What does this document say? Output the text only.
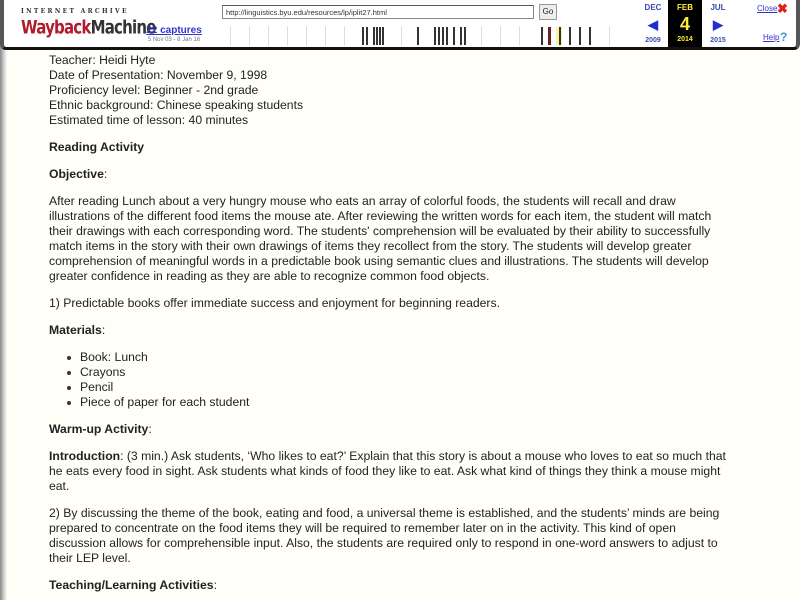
INTERNET ARCHIVE
WaybackMachine
22 captures
5 Nov 03 - 8 Jan 16
http://linguistics.byu.edu/resources/lp/iplit27.html	Go	DEC
◀
2009
FEB
4
2014
JUL
▶
2015
Close ✖
Help ?

Teacher: Heidi Hyte

Date of Presentation: November 9, 1998

Proficiency level: Beginner - 2nd grade

Ethnic background: Chinese speaking students

Estimated time of lesson: 40 minutes

Reading Activity

Objective:

After reading Lunch about a very hungry mouse who eats an array of colorful foods, the students will recall and draw

illustrations of the different food items the mouse ate. After reviewing the written words for each item, the student will match

their drawings with each corresponding word. The students' comprehension will be evaluated by their ability to successfully

match items in the story with their own drawings of items they recollect from the story. The students will develop greater

comprehension of meaningful words in a predictable book using semantic clues and illustrations. The students will develop

greater confidence in reading as they are able to recognize common food objects.

1) Predictable books offer immediate success and enjoyment for beginning readers.

Materials:

Book: Lunch
Crayons
Pencil
Piece of paper for each student

Warm-up Activity:

Introduction: (3 min.) Ask students, ‘Who likes to eat?’ Explain that this story is about a mouse who loves to eat so much that

he eats every food in sight. Ask students what kinds of food they like to eat. Ask what kind of things they think a mouse might

eat.

2) By discussing the theme of the book, eating and food, a universal theme is established, and the students’ minds are being

prepared to concentrate on the food items they will be required to remember later on in the activity. This kind of open

discussion allows for comprehensible input. Also, the students are required only to respond in one-word answers to adjust to

their LEP level.

Teaching/Learning Activities:
